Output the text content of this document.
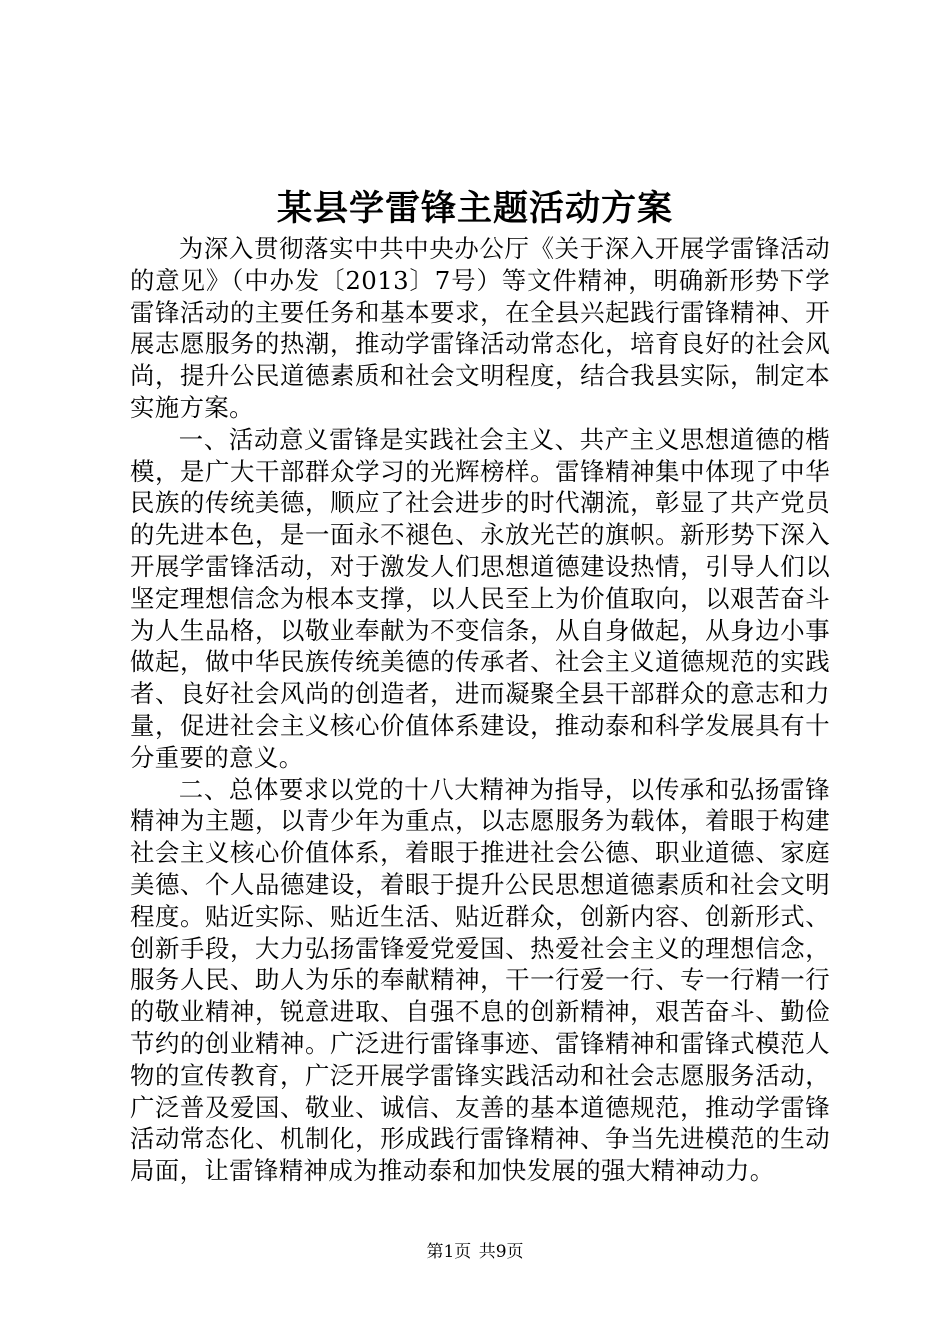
某县学雷锋主题活动方案

为深入贯彻落实中共中央办公厅《关于深入开展学雷锋活动的意见》（中办发〔2013〕7号）等文件精神，明确新形势下学雷锋活动的主要任务和基本要求，在全县兴起践行雷锋精神、开展志愿服务的热潮，推动学雷锋活动常态化，培育良好的社会风尚，提升公民道德素质和社会文明程度，结合我县实际，制定本实施方案。

一、活动意义雷锋是实践社会主义、共产主义思想道德的楷模，是广大干部群众学习的光辉榜样。雷锋精神集中体现了中华民族的传统美德，顺应了社会进步的时代潮流，彰显了共产党员的先进本色，是一面永不褪色、永放光芒的旗帜。新形势下深入开展学雷锋活动，对于激发人们思想道德建设热情，引导人们以坚定理想信念为根本支撑，以人民至上为价值取向，以艰苦奋斗为人生品格，以敬业奉献为不变信条，从自身做起，从身边小事做起，做中华民族传统美德的传承者、社会主义道德规范的实践者、良好社会风尚的创造者，进而凝聚全县干部群众的意志和力量，促进社会主义核心价值体系建设，推动泰和科学发展具有十分重要的意义。

二、总体要求以党的十八大精神为指导，以传承和弘扬雷锋精神为主题，以青少年为重点，以志愿服务为载体，着眼于构建社会主义核心价值体系，着眼于推进社会公德、职业道德、家庭美德、个人品德建设，着眼于提升公民思想道德素质和社会文明程度。贴近实际、贴近生活、贴近群众，创新内容、创新形式、创新手段，大力弘扬雷锋爱党爱国、热爱社会主义的理想信念，服务人民、助人为乐的奉献精神，干一行爱一行、专一行精一行的敬业精神，锐意进取、自强不息的创新精神，艰苦奋斗、勤俭节约的创业精神。广泛进行雷锋事迹、雷锋精神和雷锋式模范人物的宣传教育，广泛开展学雷锋实践活动和社会志愿服务活动，广泛普及爱国、敬业、诚信、友善的基本道德规范，推动学雷锋活动常态化、机制化，形成践行雷锋精神、争当先进模范的生动局面，让雷锋精神成为推动泰和加快发展的强大精神动力。

第1页 共9页
